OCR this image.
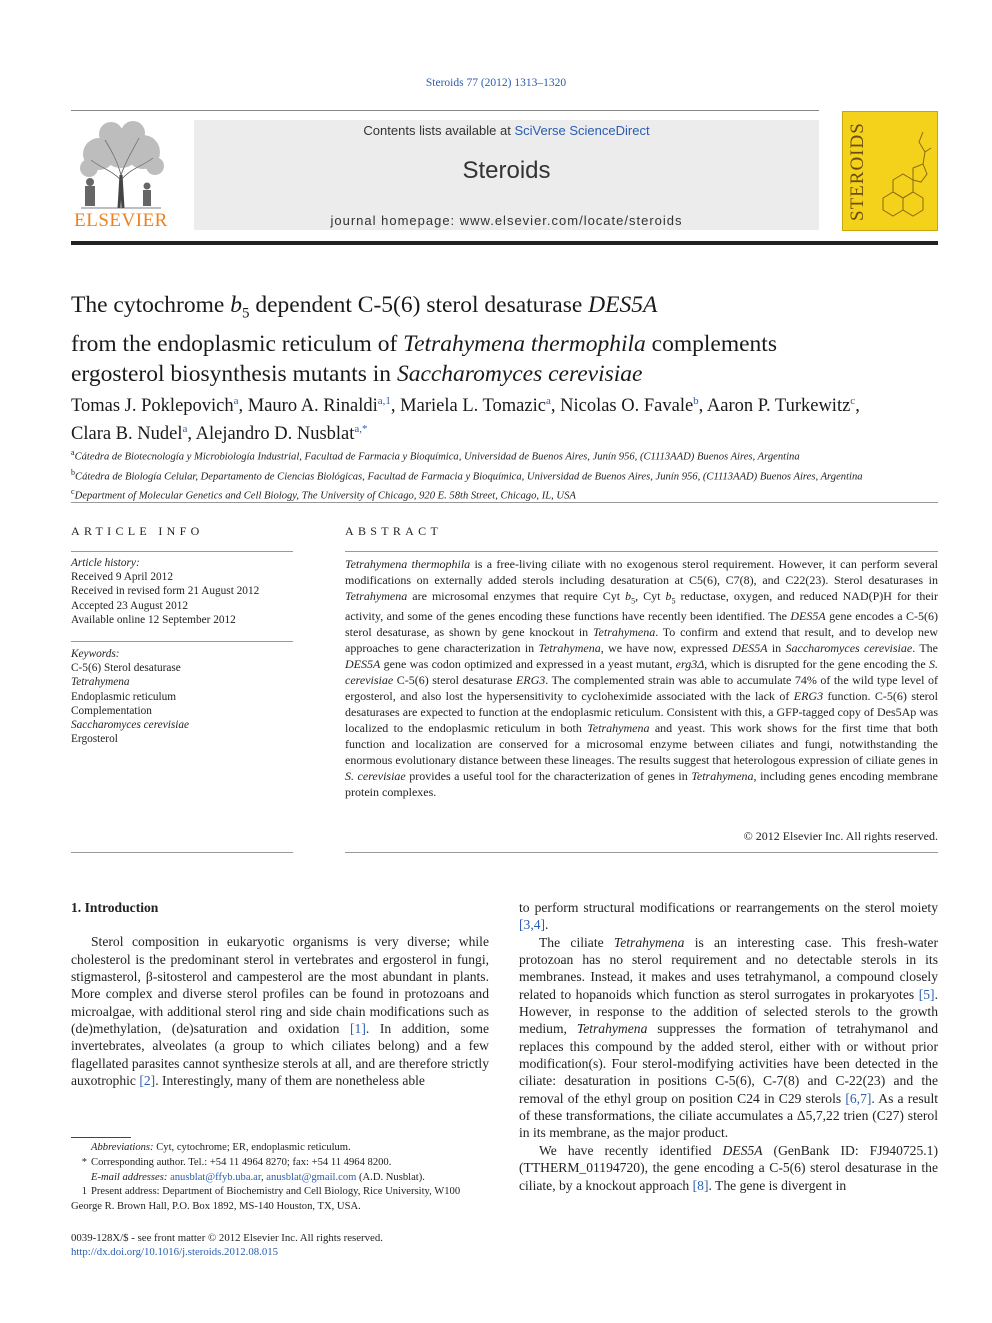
Steroids 77 (2012) 1313–1320
ELSEVIER
Contents lists available at SciVerse ScienceDirect
Steroids
journal homepage: www.elsevier.com/locate/steroids	STEROIDS
The cytochrome $b_5$ dependent C-5(6) sterol desaturase DES5A
from the endoplasmic reticulum of Tetrahymena thermophila complements
ergosterol biosynthesis mutants in Saccharomyces cerevisiae
Tomas J. Poklepovich$^a$, Mauro A. Rinaldi$^{a,1}$, Mariela L. Tomazic$^a$, Nicolas O. Favale$^b$, Aaron P. Turkewitz$^c$,
Clara B. Nudel$^a$, Alejandro D. Nusblat$^{a,*}$
$^a$Cátedra de Biotecnología y Microbiología Industrial, Facultad de Farmacia y Bioquímica, Universidad de Buenos Aires, Junín 956, (C1113AAD) Buenos Aires, Argentina
$^b$Cátedra de Biología Celular, Departamento de Ciencias Biológicas, Facultad de Farmacia y Bioquímica, Universidad de Buenos Aires, Junín 956, (C1113AAD) Buenos Aires, Argentina
$^c$Department of Molecular Genetics and Cell Biology, The University of Chicago, 920 E. 58th Street, Chicago, IL, USA
ARTICLE INFO
Article history:
Received 9 April 2012
Received in revised form 21 August 2012
Accepted 23 August 2012
Available online 12 September 2012
Keywords:
C-5(6) Sterol desaturase
Tetrahymena
Endoplasmic reticulum
Complementation
Saccharomyces cerevisiae
Ergosterol
ABSTRACT
Tetrahymena thermophila is a free-living ciliate with no exogenous sterol requirement. However, it can perform several modifications on externally added sterols including desaturation at C5(6), C7(8), and C22(23). Sterol desaturases in Tetrahymena are microsomal enzymes that require Cyt $b_5$, Cyt $b_5$ reductase, oxygen, and reduced NAD(P)H for their activity, and some of the genes encoding these functions have recently been identified. The DES5A gene encodes a C-5(6) sterol desaturase, as shown by gene knockout in Tetrahymena. To confirm and extend that result, and to develop new approaches to gene characterization in Tetrahymena, we have now, expressed DES5A in Saccharomyces cerevisiae. The DES5A gene was codon optimized and expressed in a yeast mutant, erg3Δ, which is disrupted for the gene encoding the S. cerevisiae C-5(6) sterol desaturase ERG3. The complemented strain was able to accumulate 74% of the wild type level of ergosterol, and also lost the hypersensitivity to cycloheximide associated with the lack of ERG3 function. C-5(6) sterol desaturases are expected to function at the endoplasmic reticulum. Consistent with this, a GFP-tagged copy of Des5Ap was localized to the endoplasmic reticulum in both Tetrahymena and yeast. This work shows for the first time that both function and localization are conserved for a microsomal enzyme between ciliates and fungi, notwithstanding the enormous evolutionary distance between these lineages. The results suggest that heterologous expression of ciliate genes in S. cerevisiae provides a useful tool for the characterization of genes in Tetrahymena, including genes encoding membrane protein complexes.
© 2012 Elsevier Inc. All rights reserved.
1. Introduction

Sterol composition in eukaryotic organisms is very diverse; while cholesterol is the predominant sterol in vertebrates and ergosterol in fungi, stigmasterol, β-sitosterol and campesterol are the most abundant in plants. More complex and diverse sterol profiles can be found in protozoans and microalgae, with additional sterol ring and side chain modifications such as (de)methylation, (de)saturation and oxidation [1]. In addition, some invertebrates, alveolates (a group to which ciliates belong) and a few flagellated parasites cannot synthesize sterols at all, and are therefore strictly auxotrophic [2]. Interestingly, many of them are nonetheless able

to perform structural modifications or rearrangements on the sterol moiety [3,4].

The ciliate Tetrahymena is an interesting case. This fresh-water protozoan has no sterol requirement and no detectable sterols in its membranes. Instead, it makes and uses tetrahymanol, a compound closely related to hopanoids which function as sterol surrogates in prokaryotes [5]. However, in response to the addition of selected sterols to the growth medium, Tetrahymena suppresses the formation of tetrahymanol and replaces this compound by the added sterol, either with or without prior modification(s). Four sterol-modifying activities have been detected in the ciliate: desaturation in positions C-5(6), C-7(8) and C-22(23) and the removal of the ethyl group on position C24 in C29 sterols [6,7]. As a result of these transformations, the ciliate accumulates a Δ5,7,22 trien (C27) sterol in its membrane, as the major product.

We have recently identified DES5A (GenBank ID: FJ940725.1) (TTHERM_01194720), the gene encoding a C-5(6) sterol desaturase in the ciliate, by a knockout approach [8]. The gene is divergent in

Abbreviations: Cyt, cytochrome; ER, endoplasmic reticulum.
* Corresponding author. Tel.: +54 11 4964 8270; fax: +54 11 4964 8200.
E-mail addresses: anusblat@ffyb.uba.ar, anusblat@gmail.com (A.D. Nusblat).
1 Present address: Department of Biochemistry and Cell Biology, Rice University, W100 George R. Brown Hall, P.O. Box 1892, MS-140 Houston, TX, USA.
0039-128X/$ - see front matter © 2012 Elsevier Inc. All rights reserved.
http://dx.doi.org/10.1016/j.steroids.2012.08.015
